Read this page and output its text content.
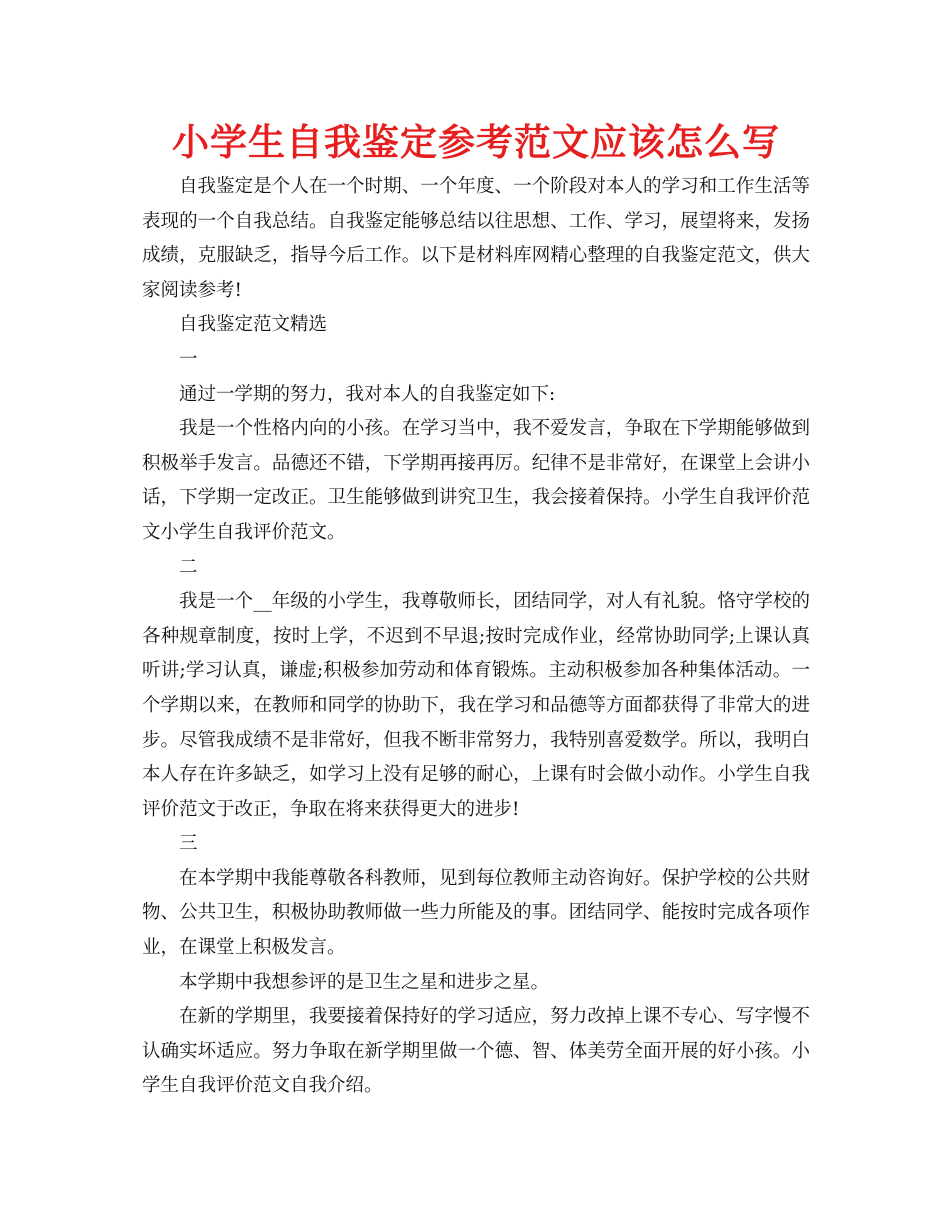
小学生自我鉴定参考范文应该怎么写

自我鉴定是个人在一个时期、一个年度、一个阶段对本人的学习和工作生活等表现的一个自我总结。自我鉴定能够总结以往思想、工作、学习，展望将来，发扬成绩，克服缺乏，指导今后工作。以下是材料库网精心整理的自我鉴定范文，供大家阅读参考!

自我鉴定范文精选

一

通过一学期的努力，我对本人的自我鉴定如下:

我是一个性格内向的小孩。在学习当中，我不爱发言，争取在下学期能够做到积极举手发言。品德还不错，下学期再接再厉。纪律不是非常好，在课堂上会讲小话，下学期一定改正。卫生能够做到讲究卫生，我会接着保持。小学生自我评价范文小学生自我评价范文。

二

我是一个__年级的小学生，我尊敬师长，团结同学，对人有礼貌。恪守学校的各种规章制度，按时上学，不迟到不早退;按时完成作业，经常协助同学;上课认真听讲;学习认真，谦虚;积极参加劳动和体育锻炼。主动积极参加各种集体活动。一个学期以来，在教师和同学的协助下，我在学习和品德等方面都获得了非常大的进步。尽管我成绩不是非常好，但我不断非常努力，我特别喜爱数学。所以，我明白本人存在许多缺乏，如学习上没有足够的耐心，上课有时会做小动作。小学生自我评价范文于改正，争取在将来获得更大的进步!

三

在本学期中我能尊敬各科教师，见到每位教师主动咨询好。保护学校的公共财物、公共卫生，积极协助教师做一些力所能及的事。团结同学、能按时完成各项作业，在课堂上积极发言。

本学期中我想参评的是卫生之星和进步之星。

在新的学期里，我要接着保持好的学习适应，努力改掉上课不专心、写字慢不认确实坏适应。努力争取在新学期里做一个德、智、体美劳全面开展的好小孩。小学生自我评价范文自我介绍。
